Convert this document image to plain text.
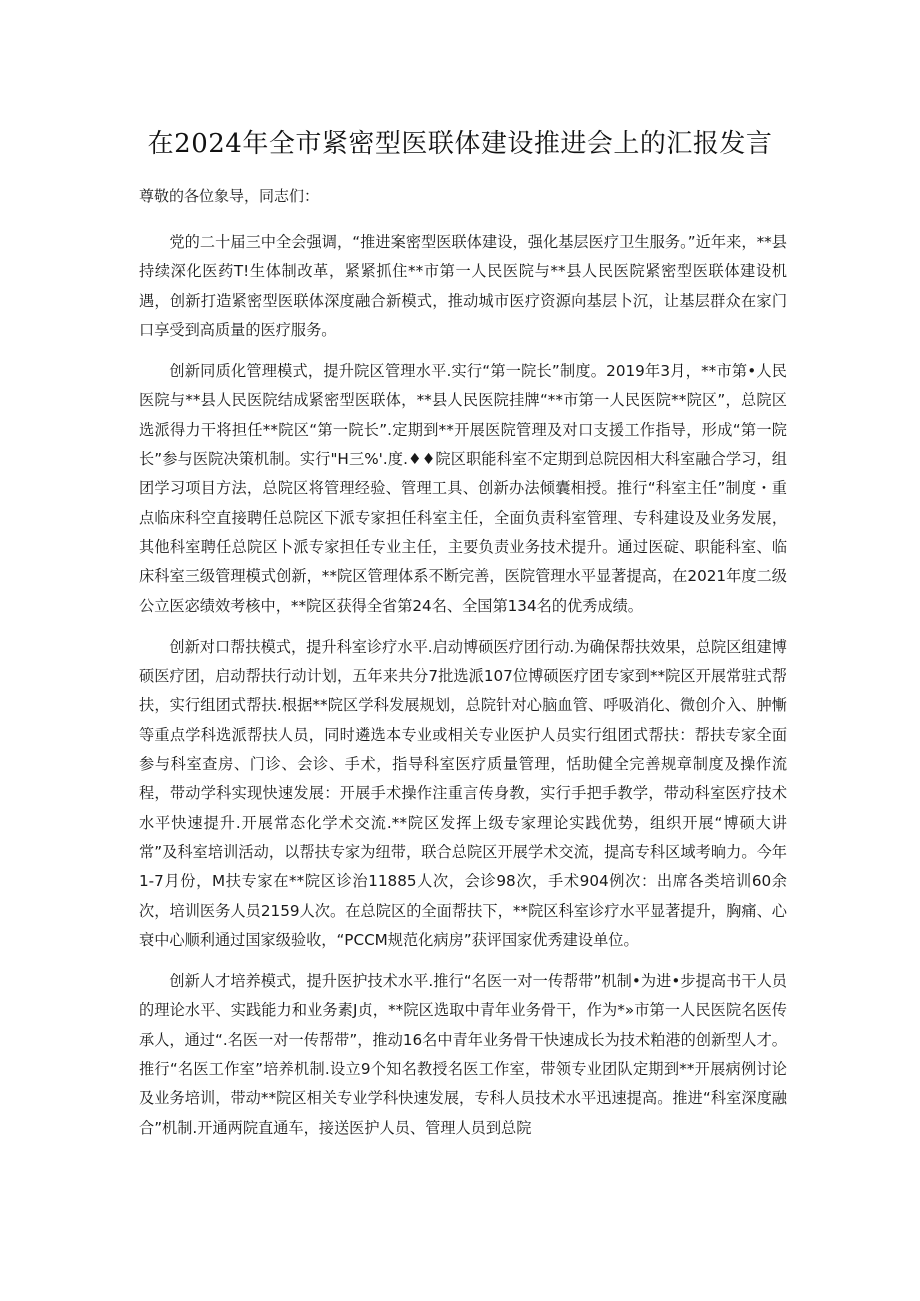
在2024年全市紧密型医联体建设推进会上的汇报发言

尊敬的各位象导，同志们：

党的二十届三中全会强调，“推进案密型医联体建设，强化基层医疗卫生服务。”近年来，**县持续深化医药T!生体制改革，紧紧抓住**市第一人民医院与**县人民医院紧密型医联体建设机遇，创新打造紧密型医联体深度融合新模式，推动城市医疗资源向基层卜沉，让基层群众在家门口享受到高质量的医疗服务。

创新同质化管理模式，提升院区管理水平.实行“第一院长”制度。2019年3月，**市第•人民医院与**县人民医院结成紧密型医联体，**县人民医院挂牌“**市第一人民医院**院区”，总院区选派得力干将担任**院区“第一院长”.定期到**开展医院管理及对口支援工作指导，形成“第一院长”参与医院决策机制。实行"H三%'.度.♦♦院区职能科室不定期到总院因相大科室融合学习，组团学习项目方法，总院区将管理经验、管理工具、创新办法倾囊相授。推行“科室主任”制度・重点临床科空直接聘任总院区下派专家担任科室主任，全面负责科室管理、专科建设及业务发展，其他科室聘任总院区卜派专家担任专业主任，主要负责业务技术提升。通过医碇、职能科室、临床科室三级管理模式创新，**院区管理体系不断完善，医院管理水平显著提高，在2021年度二级公立医宓绩效考核中，**院区获得全省第24名、全国第134名的优秀成绩。

创新对口帮扶模式，提升科室诊疗水平.启动博硕医疗团行动.为确保帮扶效果，总院区组建博硕医疗团，启动帮扶行动计划，五年来共分7批选派107位博硕医疗团专家到**院区开展常驻式帮扶，实行组团式帮扶.根据**院区学科发展规划，总院针对心脑血管、呼吸消化、微创介入、肿慚等重点学科选派帮扶人员，同时遴选本专业或相关专业医护人员实行组团式帮扶：帮扶专家全面参与科室查房、门诊、会诊、手术，指导科室医疗质量管理，恬助健全完善规章制度及操作流程，带动学科实现快速发展：开展手术操作注重言传身教，实行手把手教学，带动科室医疗技术水平快速提升.开展常态化学术交流.**院区发挥上级专家理论实践优势，组织开展“博硕大讲常”及科室培训活动，以帮扶专家为纽带，联合总院区开展学术交流，提高专科区域考晌力。今年1-7月份，M扶专家在**院区诊治11885人次，会诊98次，手术904例次：出席各类培训60余次，培训医务人员2159人次。在总院区的全面帮扶下，**院区科室诊疗水平显著提升，胸痛、心衰中心顺利通过国家级验收，“PCCM规范化病房”获评国家优秀建设单位。

创新人才培养模式，提升医护技术水平.推行“名医一对一传帮带”机制•为进•步提高书干人员的理论水平、实践能力和业务素J贞，**院区选取中青年业务骨干，作为*»市第一人民医院名医传承人，通过“.名医一对一传帮带”，推动16名中青年业务骨干快速成长为技术粕港的创新型人才。推行“名医工作室”培养机制.设立9个知名教授名医工作室，带领专业团队定期到**开展病例讨论及业务培训，带动**院区相关专业学科快速发展，专科人员技术水平迅速提高。推进“科室深度融合”机制.开通两院直通车，接送医护人员、管理人员到总院
